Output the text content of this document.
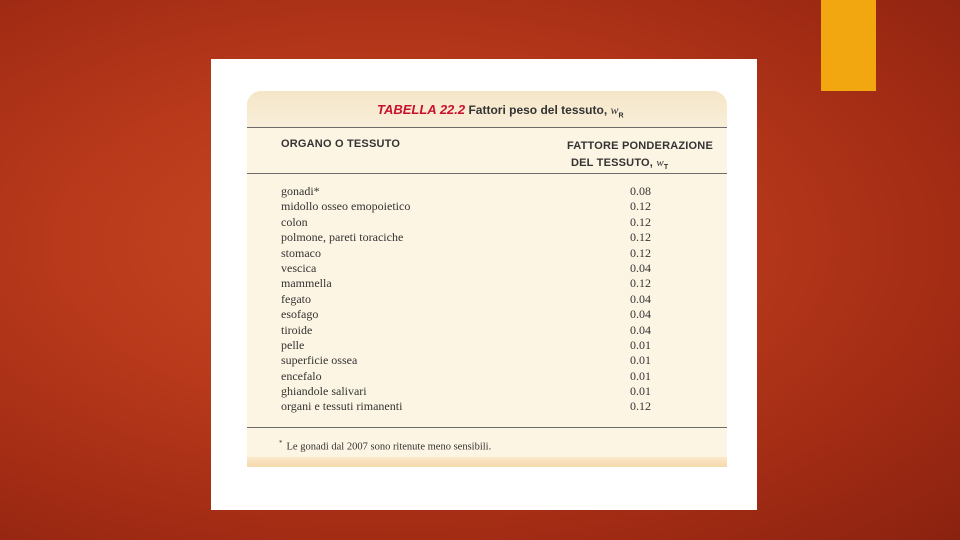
TABELLA 22.2 Fattori peso del tessuto, $w_R$
ORGANO O TESSUTO	FATTORE PONDERAZIONE
DEL TESSUTO, $w_T$
gonadi*	0.08
midollo osseo emopoietico	0.12
colon	0.12
polmone, pareti toraciche	0.12
stomaco	0.12
vescica	0.04
mammella	0.12
fegato	0.04
esofago	0.04
tiroide	0.04
pelle	0.01
superficie ossea	0.01
encefalo	0.01
ghiandole salivari	0.01
organi e tessuti rimanenti	0.12
* Le gonadi dal 2007 sono ritenute meno sensibili.
